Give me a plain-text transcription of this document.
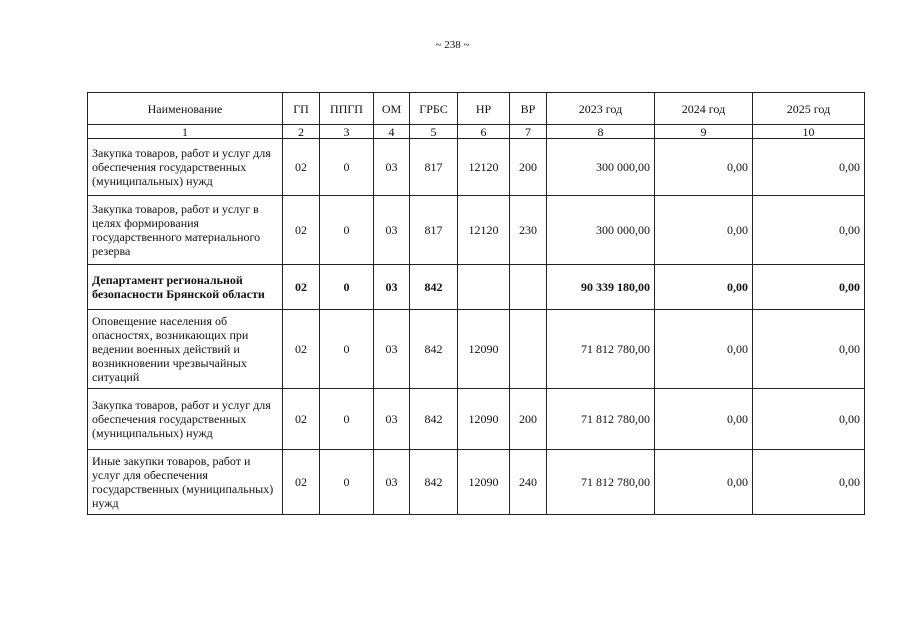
~ 238 ~
Наименование	ГП	ППГП	ОМ	ГРБС	НР	ВР	2023 год	2024 год	2025 год
1	2	3	4	5	6	7	8	9	10
Закупка товаров, работ и услуг для обеспечения государственных (муниципальных) нужд	02	0	03	817	12120	200	300 000,00	0,00	0,00
Закупка товаров, работ и услуг в целях формирования государственного материального резерва	02	0	03	817	12120	230	300 000,00	0,00	0,00
Департамент региональной безопасности Брянской области	02	0	03	842			90 339 180,00	0,00	0,00
Оповещение населения об опасностях, возникающих при ведении военных действий и возникновении чрезвычайных ситуаций	02	0	03	842	12090		71 812 780,00	0,00	0,00
Закупка товаров, работ и услуг для обеспечения государственных (муниципальных) нужд	02	0	03	842	12090	200	71 812 780,00	0,00	0,00
Иные закупки товаров, работ и услуг для обеспечения государственных (муниципальных) нужд	02	0	03	842	12090	240	71 812 780,00	0,00	0,00
